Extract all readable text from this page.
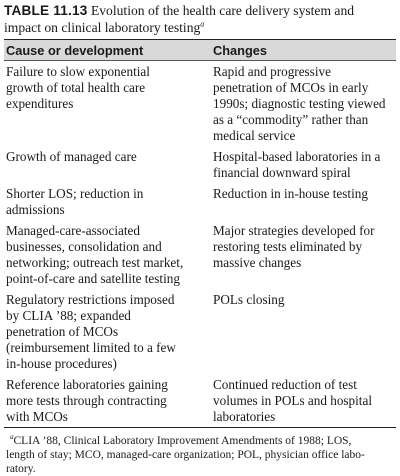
TABLE 11.13 Evolution of the health care delivery system and
impact on clinical laboratory testing$^a$
Cause or development	Changes
Failure to slow exponential
growth of total health care
expenditures
Rapid and progressive
penetration of MCOs in early
1990s; diagnostic testing viewed
as a “commodity” rather than
medical service
Growth of managed care	Hospital-based laboratories in a
financial downward spiral
Shorter LOS; reduction in
admissions
Reduction in in-house testing
Managed-care-associated
businesses, consolidation and
networking; outreach test market,
point-of-care and satellite testing
Major strategies developed for
restoring tests eliminated by
massive changes
Regulatory restrictions imposed
by CLIA ’88; expanded
penetration of MCOs
(reimbursement limited to a few
in-house procedures)
POLs closing
Reference laboratories gaining
more tests through contracting
with MCOs
Continued reduction of test
volumes in POLs and hospital
laboratories
$^a$CLIA ’88, Clinical Laboratory Improvement Amendments of 1988; LOS,
length of stay; MCO, managed-care organization; POL, physician office labo-
ratory.
